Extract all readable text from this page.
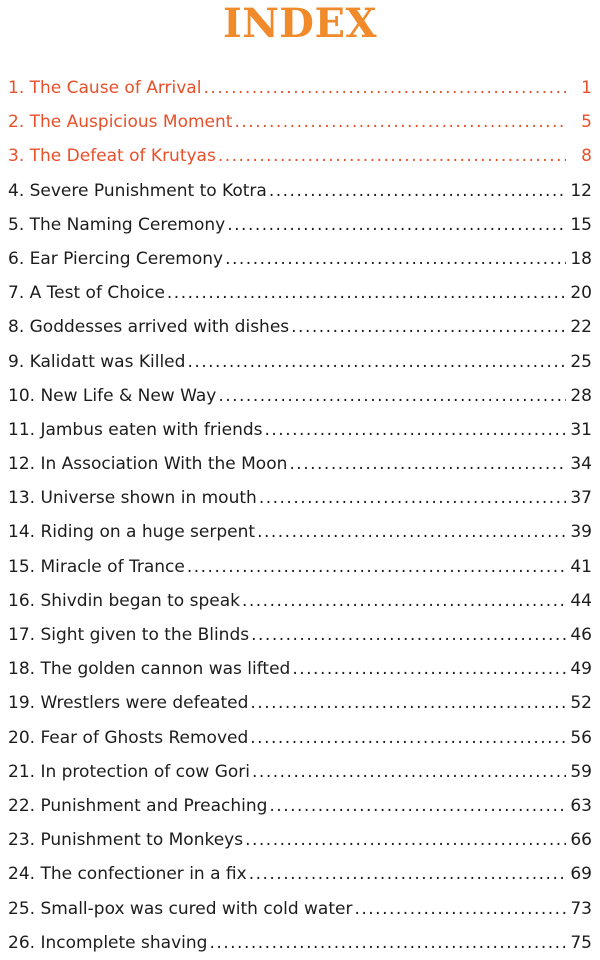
INDEX
1. The Cause of Arrival .....	1
2. The Auspicious Moment .....	5
3. The Defeat of Krutyas .....	8
4. Severe Punishment to Kotra .....	12
5. The Naming Ceremony .....	15
6. Ear Piercing Ceremony .....	18
7. A Test of Choice .....	20
8. Goddesses arrived with dishes .....	22
9. Kalidatt was Killed .....	25
10. New Life & New Way .....	28
11. Jambus eaten with friends .....	31
12. In Association With the Moon .....	34
13. Universe shown in mouth .....	37
14. Riding on a huge serpent .....	39
15. Miracle of Trance .....	41
16. Shivdin began to speak .....	44
17. Sight given to the Blinds .....	46
18. The golden cannon was lifted .....	49
19. Wrestlers were defeated .....	52
20. Fear of Ghosts Removed .....	56
21. In protection of cow Gori .....	59
22. Punishment and Preaching .....	63
23. Punishment to Monkeys .....	66
24. The confectioner in a fix .....	69
25. Small-pox was cured with cold water .....	73
26. Incomplete shaving .....	75
